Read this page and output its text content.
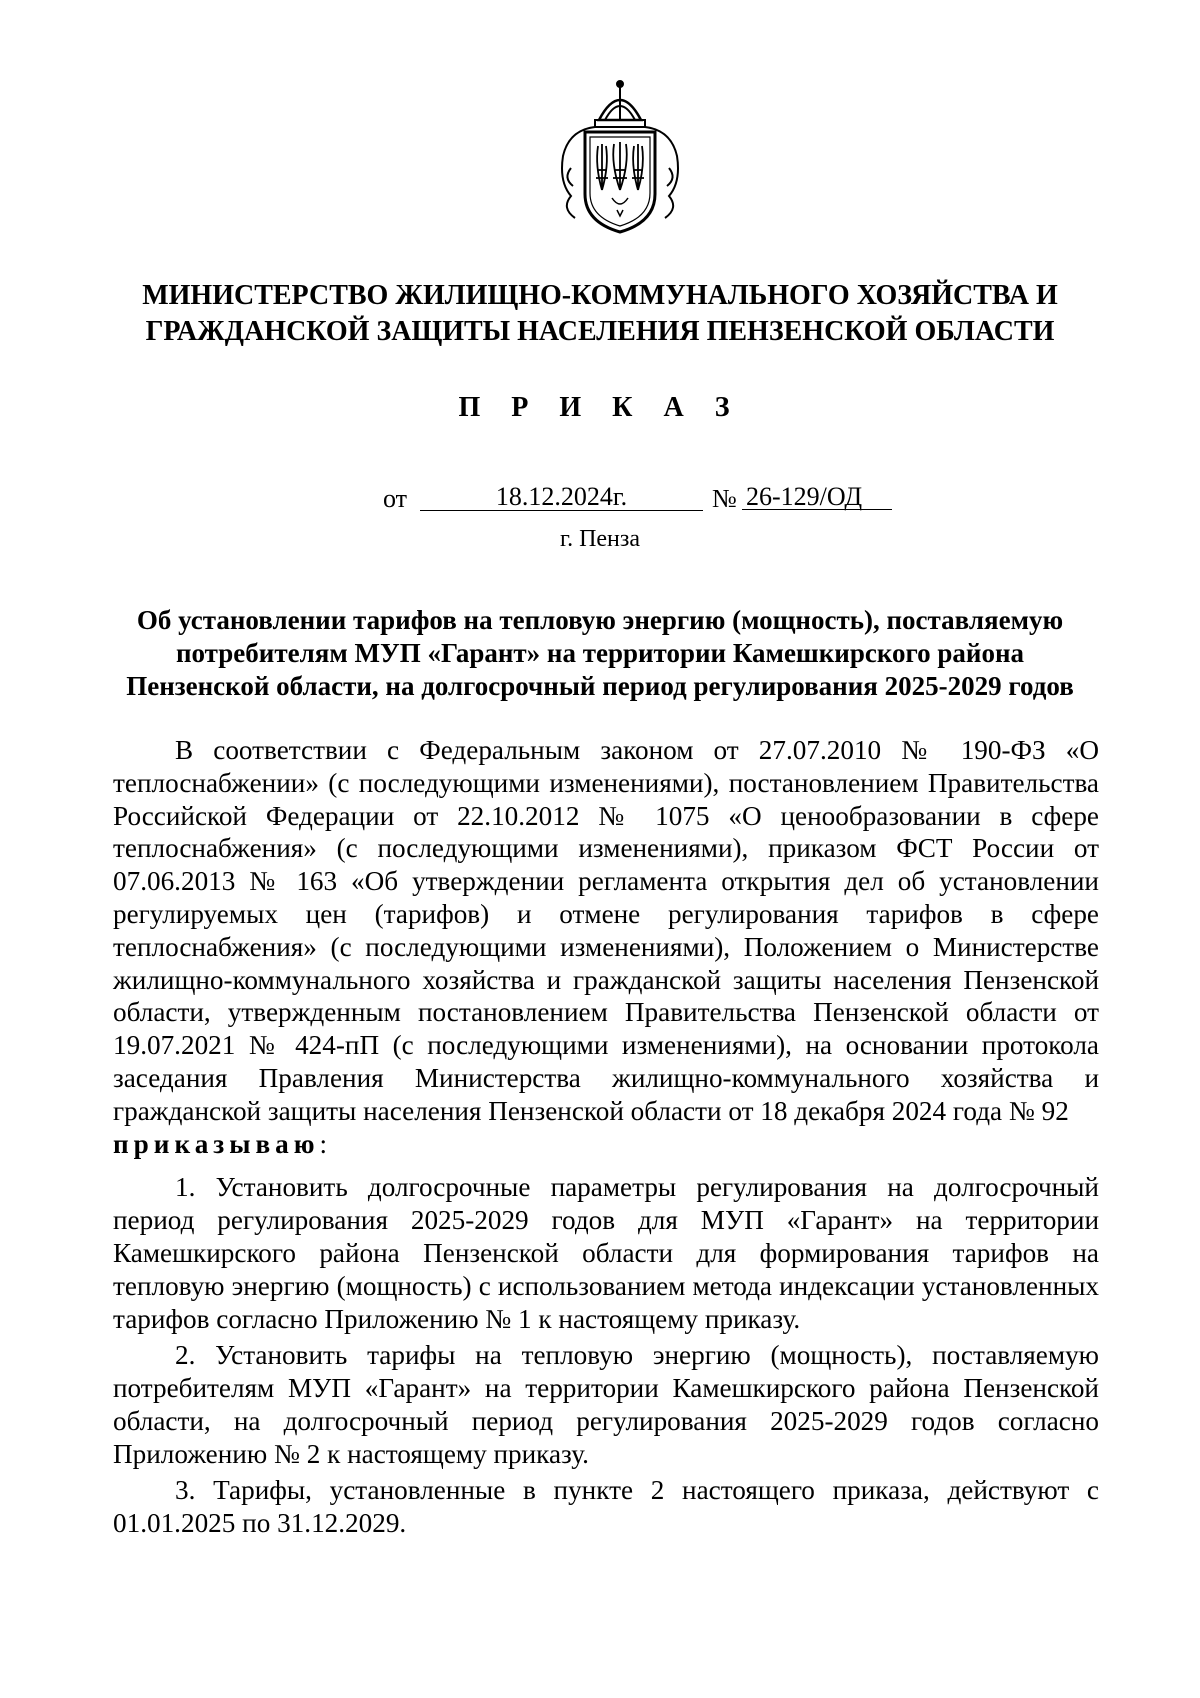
МИНИСТЕРСТВО ЖИЛИЩНО-КОММУНАЛЬНОГО ХОЗЯЙСТВА И
ГРАЖДАНСКОЙ ЗАЩИТЫ НАСЕЛЕНИЯ ПЕНЗЕНСКОЙ ОБЛАСТИ
П Р И К А З
от	18.12.2024г.	№ 26-129/ОД
г. Пенза
Об установлении тарифов на тепловую энергию (мощность), поставляемую
потребителям МУП «Гарант» на территории Камешкирского района
Пензенской области, на долгосрочный период регулирования 2025-2029 годов

В соответствии с Федеральным законом от 27.07.2010 № 190-ФЗ «О теплоснабжении» (с последующими изменениями), постановлением Правительства Российской Федерации от 22.10.2012 № 1075 «О ценообразовании в сфере теплоснабжения» (с последующими изменениями), приказом ФСТ России от 07.06.2013 № 163 «Об утверждении регламента открытия дел об установлении регулируемых цен (тарифов) и отмене регулирования тарифов в сфере теплоснабжения» (с последующими изменениями), Положением о Министерстве жилищно-коммунального хозяйства и гражданской защиты населения Пензенской области, утвержденным постановлением Правительства Пензенской области от 19.07.2021 № 424-пП (с последующими изменениями), на основании протокола заседания Правления Министерства жилищно-коммунального хозяйства и гражданской защиты населения Пензенской области от 18 декабря 2024 года № 92

приказываю:

1. Установить долгосрочные параметры регулирования на долгосрочный период регулирования 2025-2029 годов для МУП «Гарант» на территории Камешкирского района Пензенской области для формирования тарифов на тепловую энергию (мощность) с использованием метода индексации установленных тарифов согласно Приложению № 1 к настоящему приказу.

2. Установить тарифы на тепловую энергию (мощность), поставляемую потребителям МУП «Гарант» на территории Камешкирского района Пензенской области, на долгосрочный период регулирования 2025-2029 годов согласно Приложению № 2 к настоящему приказу.

3. Тарифы, установленные в пункте 2 настоящего приказа, действуют с 01.01.2025 по 31.12.2029.
